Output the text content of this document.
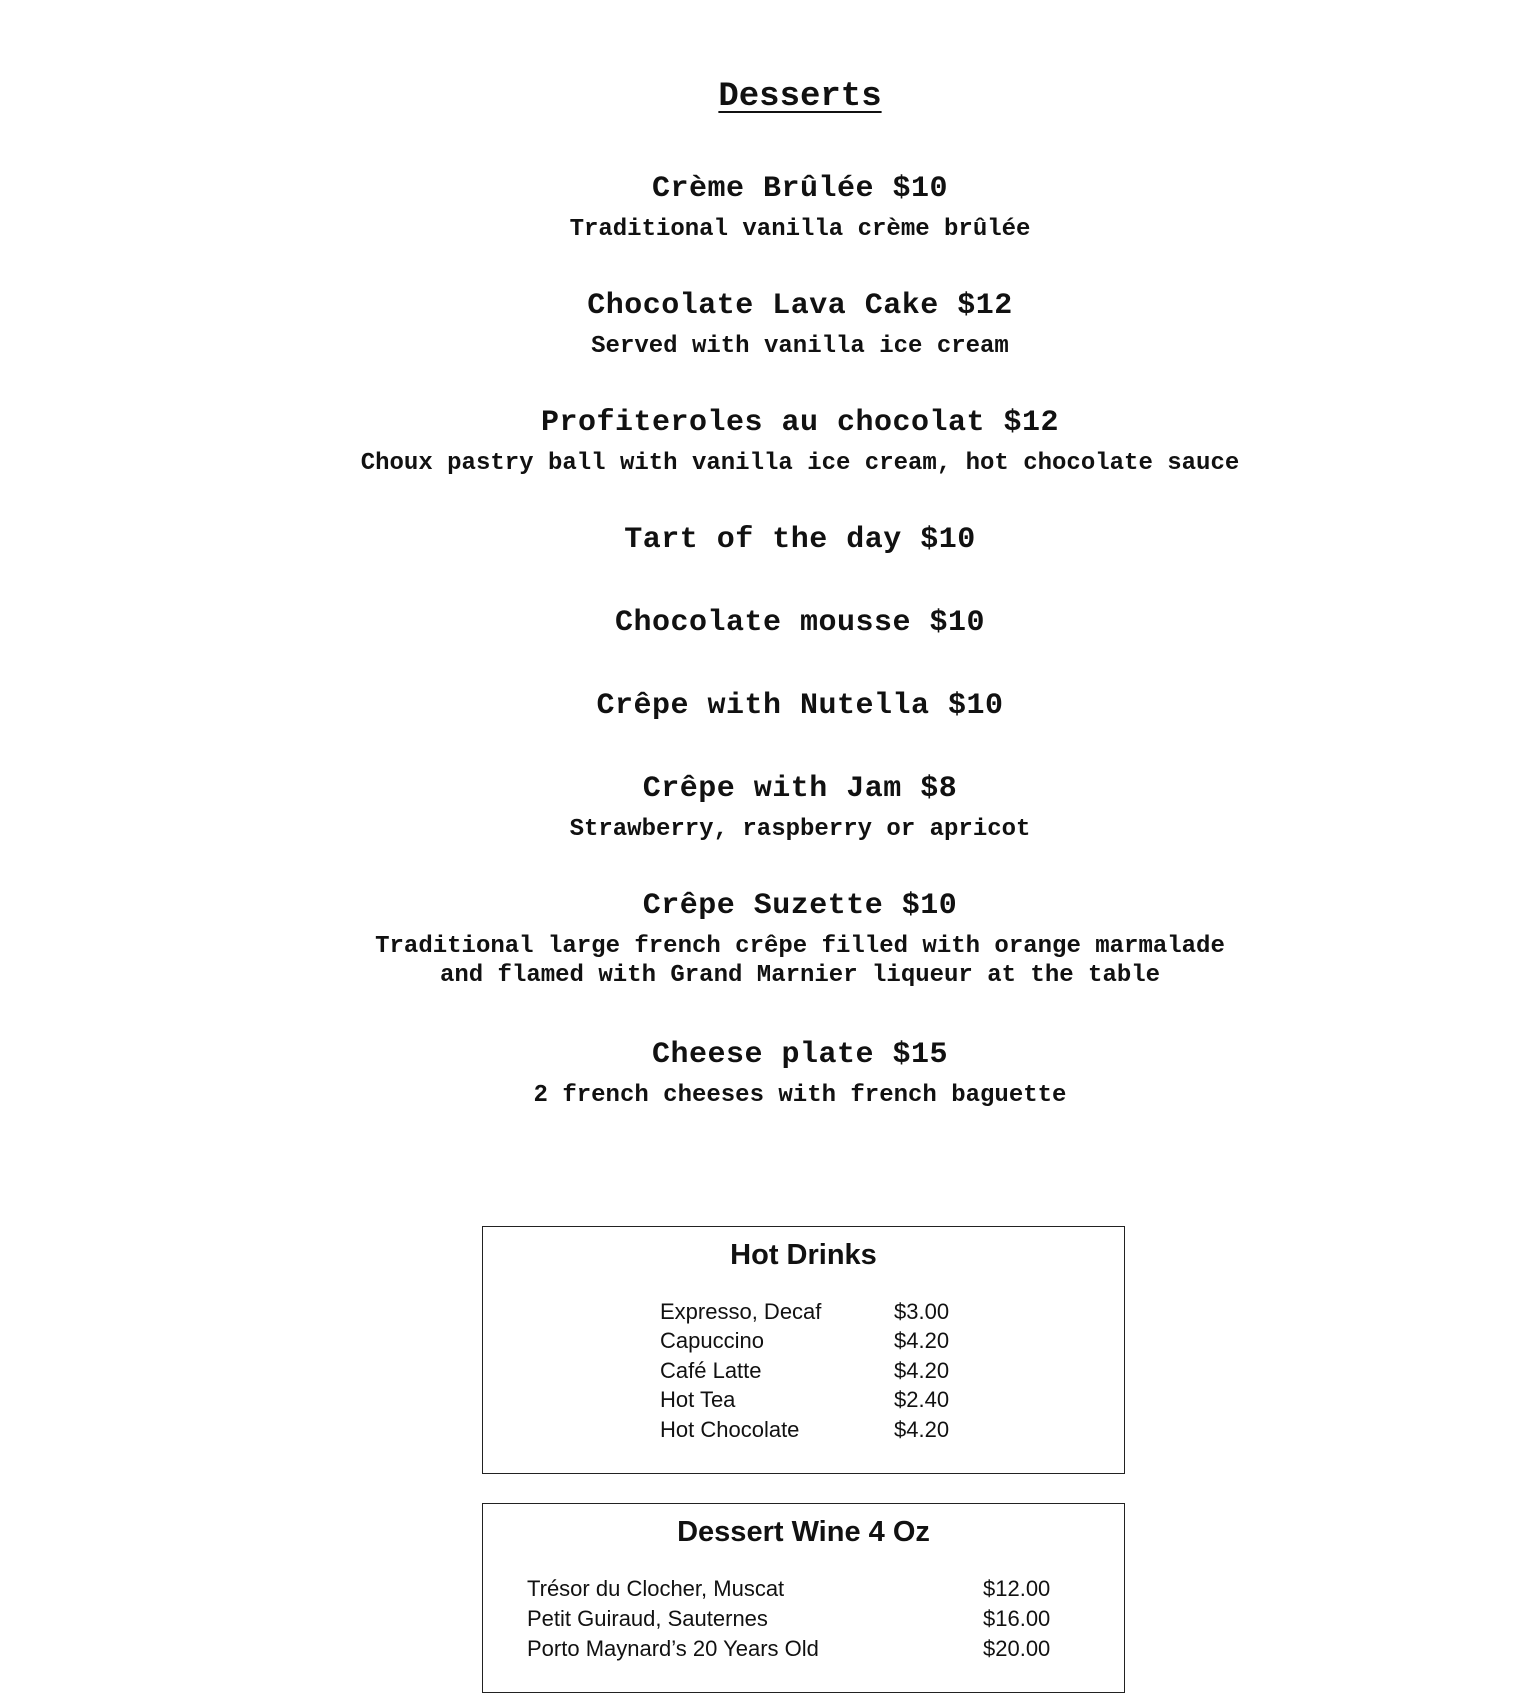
Desserts
Crème Brûlée $10
Traditional vanilla crème brûlée
Chocolate Lava Cake $12
Served with vanilla ice cream
Profiteroles au chocolat $12
Choux pastry ball with vanilla ice cream, hot chocolate sauce
Tart of the day $10
Chocolate mousse $10
Crêpe with Nutella $10
Crêpe with Jam $8
Strawberry, raspberry or apricot
Crêpe Suzette $10
Traditional large french crêpe filled with orange marmalade and flamed with Grand Marnier liqueur at the table
Cheese plate $15
2 french cheeses with french baguette
Hot Drinks
Expresso, Decaf	$3.00
Capuccino	$4.20
Café Latte	$4.20
Hot Tea	$2.40
Hot Chocolate	$4.20
Dessert Wine 4 Oz
Trésor du Clocher, Muscat	$12.00
Petit Guiraud, Sauternes	$16.00
Porto Maynard’s 20 Years Old	$20.00
